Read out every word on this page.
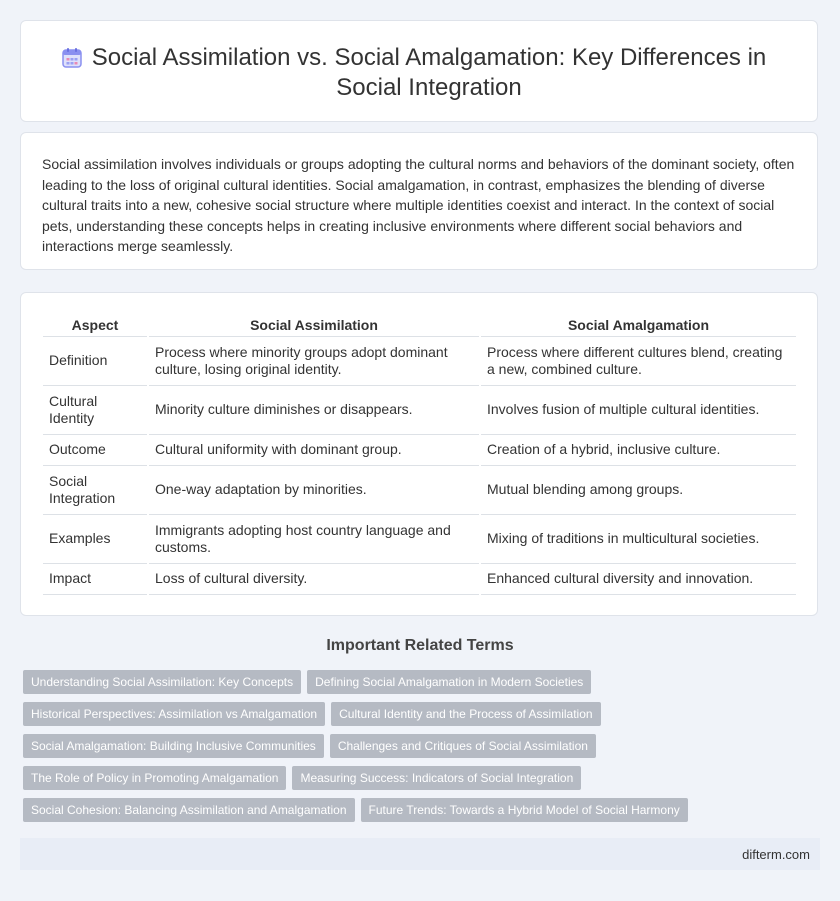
Social Assimilation vs. Social Amalgamation: Key Differences in Social Integration

Social assimilation involves individuals or groups adopting the cultural norms and behaviors of the dominant society, often leading to the loss of original cultural identities. Social amalgamation, in contrast, emphasizes the blending of diverse cultural traits into a new, cohesive social structure where multiple identities coexist and interact. In the context of social pets, understanding these concepts helps in creating inclusive environments where different social behaviors and interactions merge seamlessly.

Aspect	Social Assimilation	Social Amalgamation
Definition	Process where minority groups adopt dominant culture, losing original identity.	Process where different cultures blend, creating a new, combined culture.
Cultural Identity	Minority culture diminishes or disappears.	Involves fusion of multiple cultural identities.
Outcome	Cultural uniformity with dominant group.	Creation of a hybrid, inclusive culture.
Social Integration	One-way adaptation by minorities.	Mutual blending among groups.
Examples	Immigrants adopting host country language and customs.	Mixing of traditions in multicultural societies.
Impact	Loss of cultural diversity.	Enhanced cultural diversity and innovation.
Important Related Terms
Understanding Social Assimilation: Key Concepts Defining Social Amalgamation in Modern Societies
Historical Perspectives: Assimilation vs Amalgamation Cultural Identity and the Process of Assimilation
Social Amalgamation: Building Inclusive Communities Challenges and Critiques of Social Assimilation
The Role of Policy in Promoting Amalgamation Measuring Success: Indicators of Social Integration
Social Cohesion: Balancing Assimilation and Amalgamation Future Trends: Towards a Hybrid Model of Social Harmony
difterm.com
